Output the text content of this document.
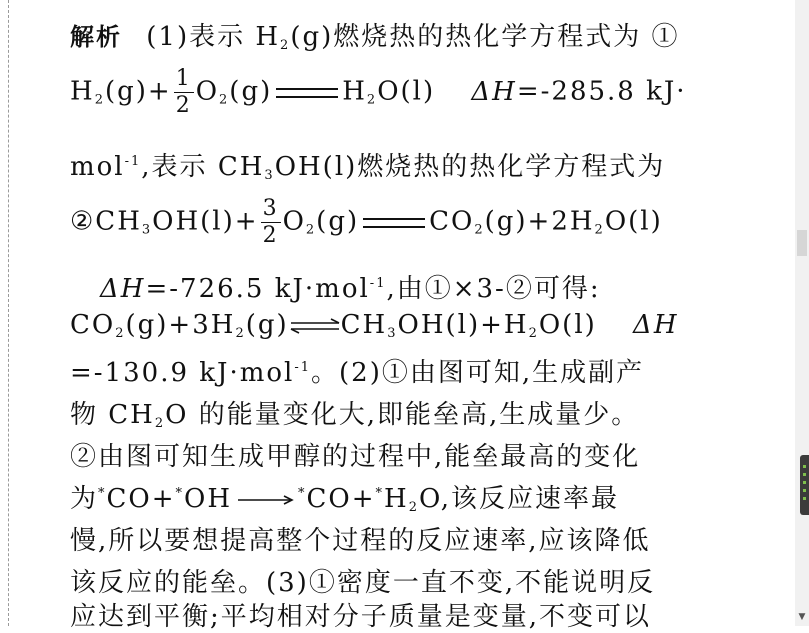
解析 (1)表示 $H_2(g)$燃烧热的热化学方程式为 ①
$H_2(g)+ \frac{1}{2} O_2(g)$	$H_2O(l)$ ΔH=-285.8 kJ·
mol$^{-1}$,表示 $CH_3OH(l)$燃烧热的热化学方程式为
$②CH_3OH(l)+ \frac{3}{2} O_2(g)$	$CO_2(g)+2H_2O(l)$
ΔH=-726.5 kJ·mol$^{-1}$,由①×3-②可得:
$CO_2(g)+3H_2(g)\rightleftharpoons CH_3OH(l)+H_2O(l)$ ΔH
=-130.9 kJ·mol$^{-1}$。(2)①由图可知,生成副产
物 $CH_2O$ 的能量变化大,即能垒高,生成量少。
②由图可知生成甲醇的过程中,能垒最高的变化
为*CO+*OH	$^*CO+^*H_2O$,该反应速率最
慢,所以要想提高整个过程的反应速率,应该降低
该反应的能垒。(3)①密度一直不变,不能说明反
应达到平衡;平均相对分子质量是变量,不变可以	▼
